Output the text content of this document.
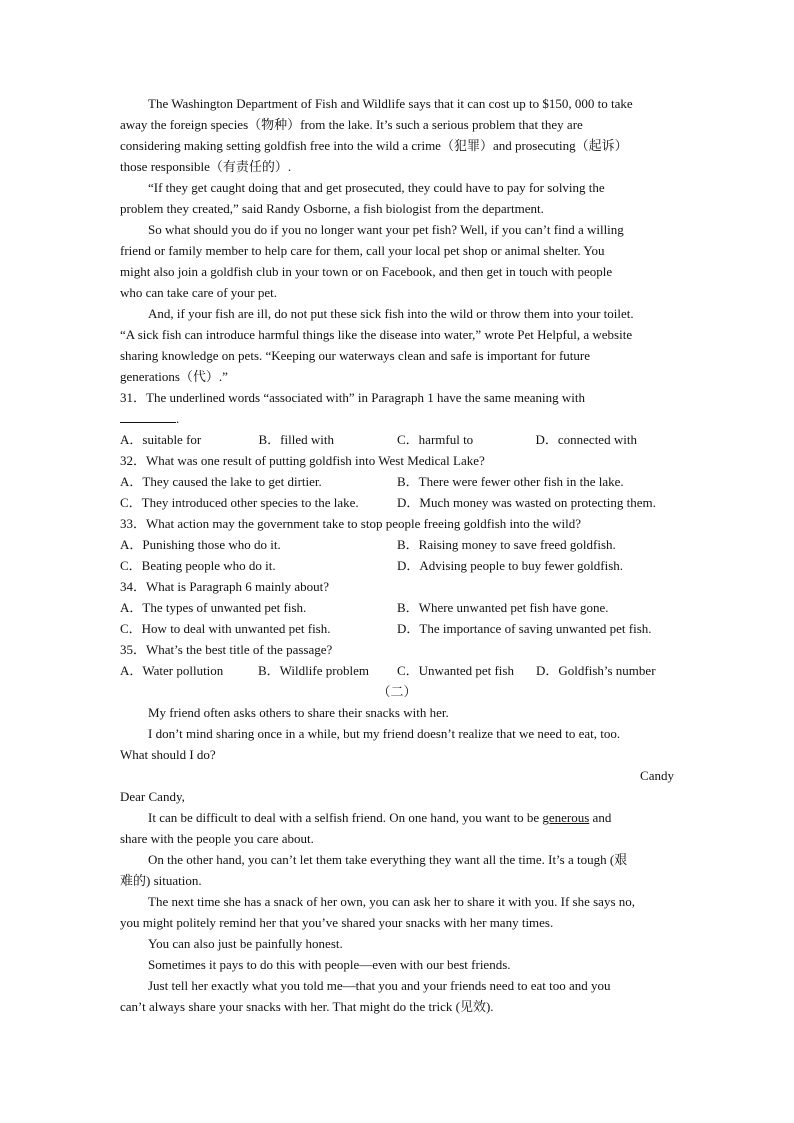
The Washington Department of Fish and Wildlife says that it can cost up to $150, 000 to take
away the foreign species（物种）from the lake. It’s such a serious problem that they are
considering making setting goldfish free into the wild a crime（犯罪）and prosecuting（起诉）
those responsible（有责任的）.
“If they get caught doing that and get prosecuted, they could have to pay for solving the
problem they created,” said Randy Osborne, a fish biologist from the department.
So what should you do if you no longer want your pet fish? Well, if you can’t find a willing
friend or family member to help care for them, call your local pet shop or animal shelter. You
might also join a goldfish club in your town or on Facebook, and then get in touch with people
who can take care of your pet.
And, if your fish are ill, do not put these sick fish into the wild or throw them into your toilet.
“A sick fish can introduce harmful things like the disease into water,” wrote Pet Helpful, a website
sharing knowledge on pets. “Keeping our waterways clean and safe is important for future
generations（代）.”
31．The underlined words “associated with” in Paragraph 1 have the same meaning with
.
A．suitable for	B．filled with	C．harmful to	D．connected with
32．What was one result of putting goldfish into West Medical Lake?
A．They caused the lake to get dirtier.	B．There were fewer other fish in the lake.
C．They introduced other species to the lake.	D．Much money was wasted on protecting them.
33．What action may the government take to stop people freeing goldfish into the wild?
A．Punishing those who do it.	B．Raising money to save freed goldfish.
C．Beating people who do it.	D．Advising people to buy fewer goldfish.
34．What is Paragraph 6 mainly about?
A．The types of unwanted pet fish.	B．Where unwanted pet fish have gone.
C．How to deal with unwanted pet fish.	D．The importance of saving unwanted pet fish.
35．What’s the best title of the passage?
A．Water pollution	B．Wildlife problem	C．Unwanted pet fish	D．Goldfish’s number
（二）
My friend often asks others to share their snacks with her.
I don’t mind sharing once in a while, but my friend doesn’t realize that we need to eat, too.
What should I do?
Candy
Dear Candy,
It can be difficult to deal with a selfish friend. On one hand, you want to be generous and
share with the people you care about.
On the other hand, you can’t let them take everything they want all the time. It’s a tough (艰
难的) situation.
The next time she has a snack of her own, you can ask her to share it with you. If she says no,
you might politely remind her that you’ve shared your snacks with her many times.
You can also just be painfully honest.
Sometimes it pays to do this with people—even with our best friends.
Just tell her exactly what you told me—that you and your friends need to eat too and you
can’t always share your snacks with her. That might do the trick (见效).
